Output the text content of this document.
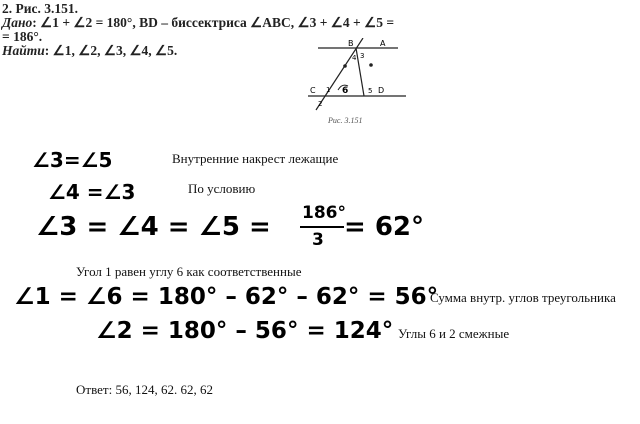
2. Рис. 3.151.
Дано: ∠1 + ∠2 = 180°, BD – биссектриса ∠ABC, ∠3 + ∠4 + ∠5 =
= 186°.
Найти: ∠1, ∠2, ∠3, ∠4, ∠5.	B	A
C	D
3
4
5
6
1
2
Рис. 3.151
∠3=∠5	Внутренние накрест лежащие
∠4 =∠3	По условию
∠3 = ∠4 = ∠5 = 186°
3 = 62°
Угол 1 равен углу 6 как соответственные
∠1 = ∠6 = 180° – 62° – 62° = 56°
Сумма внутр. углов треугольника
∠2 = 180° – 56° = 124° Углы 6 и 2 смежные
Ответ: 56, 124, 62. 62, 62
